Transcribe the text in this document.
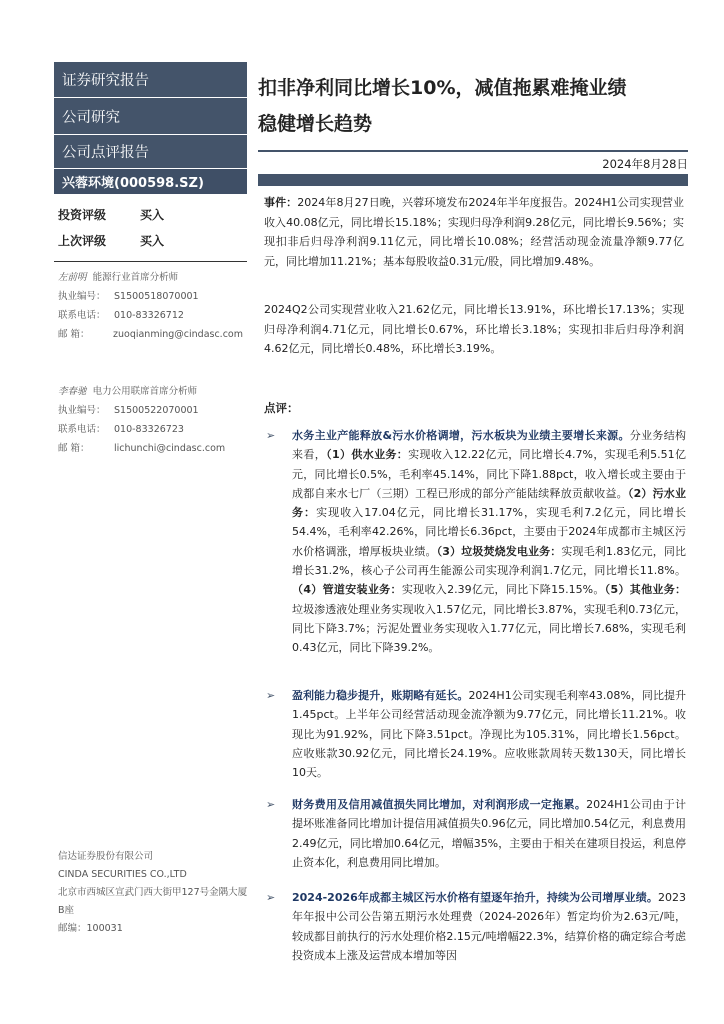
证券研究报告
公司研究
公司点评报告
兴蓉环境(000598.SZ)
投资评级	买入
上次评级	买入
左前明
能源行业首席分析师
执业编号： S1500518070001
联系电话： 010-83326712
邮 箱：	zuoqianming@cindasc.com
李春驰
电力公用联席首席分析师
执业编号： S1500522070001
联系电话： 010-83326723
邮 箱：	lichunchi@cindasc.com
信达证券股份有限公司
CINDA SECURITIES CO.,LTD
北京市西城区宣武门西大街甲127号金隅大厦B座
邮编：100031
扣非净利同比增长10%，减值拖累难掩业绩
稳健增长趋势
2024年8月28日
事件：2024年8月27日晚，兴蓉环境发布2024年半年度报告。2024H1公司实现营业收入40.08亿元，同比增长15.18%；实现归母净利润9.28亿元，同比增长9.56%；实现扣非后归母净利润9.11亿元，同比增长10.08%；经营活动现金流量净额9.77亿元，同比增加11.21%；基本每股收益0.31元/股，同比增加9.48%。
2024Q2公司实现营业收入21.62亿元，同比增长13.91%，环比增长17.13%；实现归母净利润4.71亿元，同比增长0.67%，环比增长3.18%；实现扣非后归母净利润4.62亿元，同比增长0.48%，环比增长3.19%。
点评：
➢ 水务主业产能释放&污水价格调增，污水板块为业绩主要增长来源。分业务结构来看，（1）供水业务：实现收入12.22亿元，同比增长4.7%，实现毛利5.51亿元，同比增长0.5%，毛利率45.14%，同比下降1.88pct，收入增长或主要由于成都自来水七厂（三期）工程已形成的部分产能陆续释放贡献收益。（2）污水业务：实现收入17.04亿元，同比增长31.17%，实现毛利7.2亿元，同比增长54.4%，毛利率42.26%，同比增长6.36pct，主要由于2024年成都市主城区污水价格调涨，增厚板块业绩。（3）垃圾焚烧发电业务：实现毛利1.83亿元，同比增长31.2%，核心子公司再生能源公司实现净利润1.7亿元，同比增长11.8%。（4）管道安装业务：实现收入2.39亿元，同比下降15.15%。（5）其他业务：垃圾渗透液处理业务实现收入1.57亿元，同比增长3.87%，实现毛利0.73亿元，同比下降3.7%；污泥处置业务实现收入1.77亿元，同比增长7.68%，实现毛利0.43亿元，同比下降39.2%。
➢ 盈利能力稳步提升，账期略有延长。2024H1公司实现毛利率43.08%，同比提升1.45pct。上半年公司经营活动现金流净额为9.77亿元，同比增长11.21%。收现比为91.92%，同比下降3.51pct。净现比为105.31%，同比增长1.56pct。应收账款30.92亿元，同比增长24.19%。应收账款周转天数130天，同比增长10天。
➢ 财务费用及信用减值损失同比增加，对利润形成一定拖累。2024H1公司由于计提坏账准备同比增加计提信用减值损失0.96亿元，同比增加0.54亿元，利息费用2.49亿元，同比增加0.64亿元，增幅35%，主要由于相关在建项目投运，利息停止资本化，利息费用同比增加。
➢ 2024-2026年成都主城区污水价格有望逐年抬升，持续为公司增厚业绩。2023年年报中公司公告第五期污水处理费（2024-2026年）暂定均价为2.63元/吨，较成都目前执行的污水处理价格2.15元/吨增幅22.3%，结算价格的确定综合考虑投资成本上涨及运营成本增加等因
